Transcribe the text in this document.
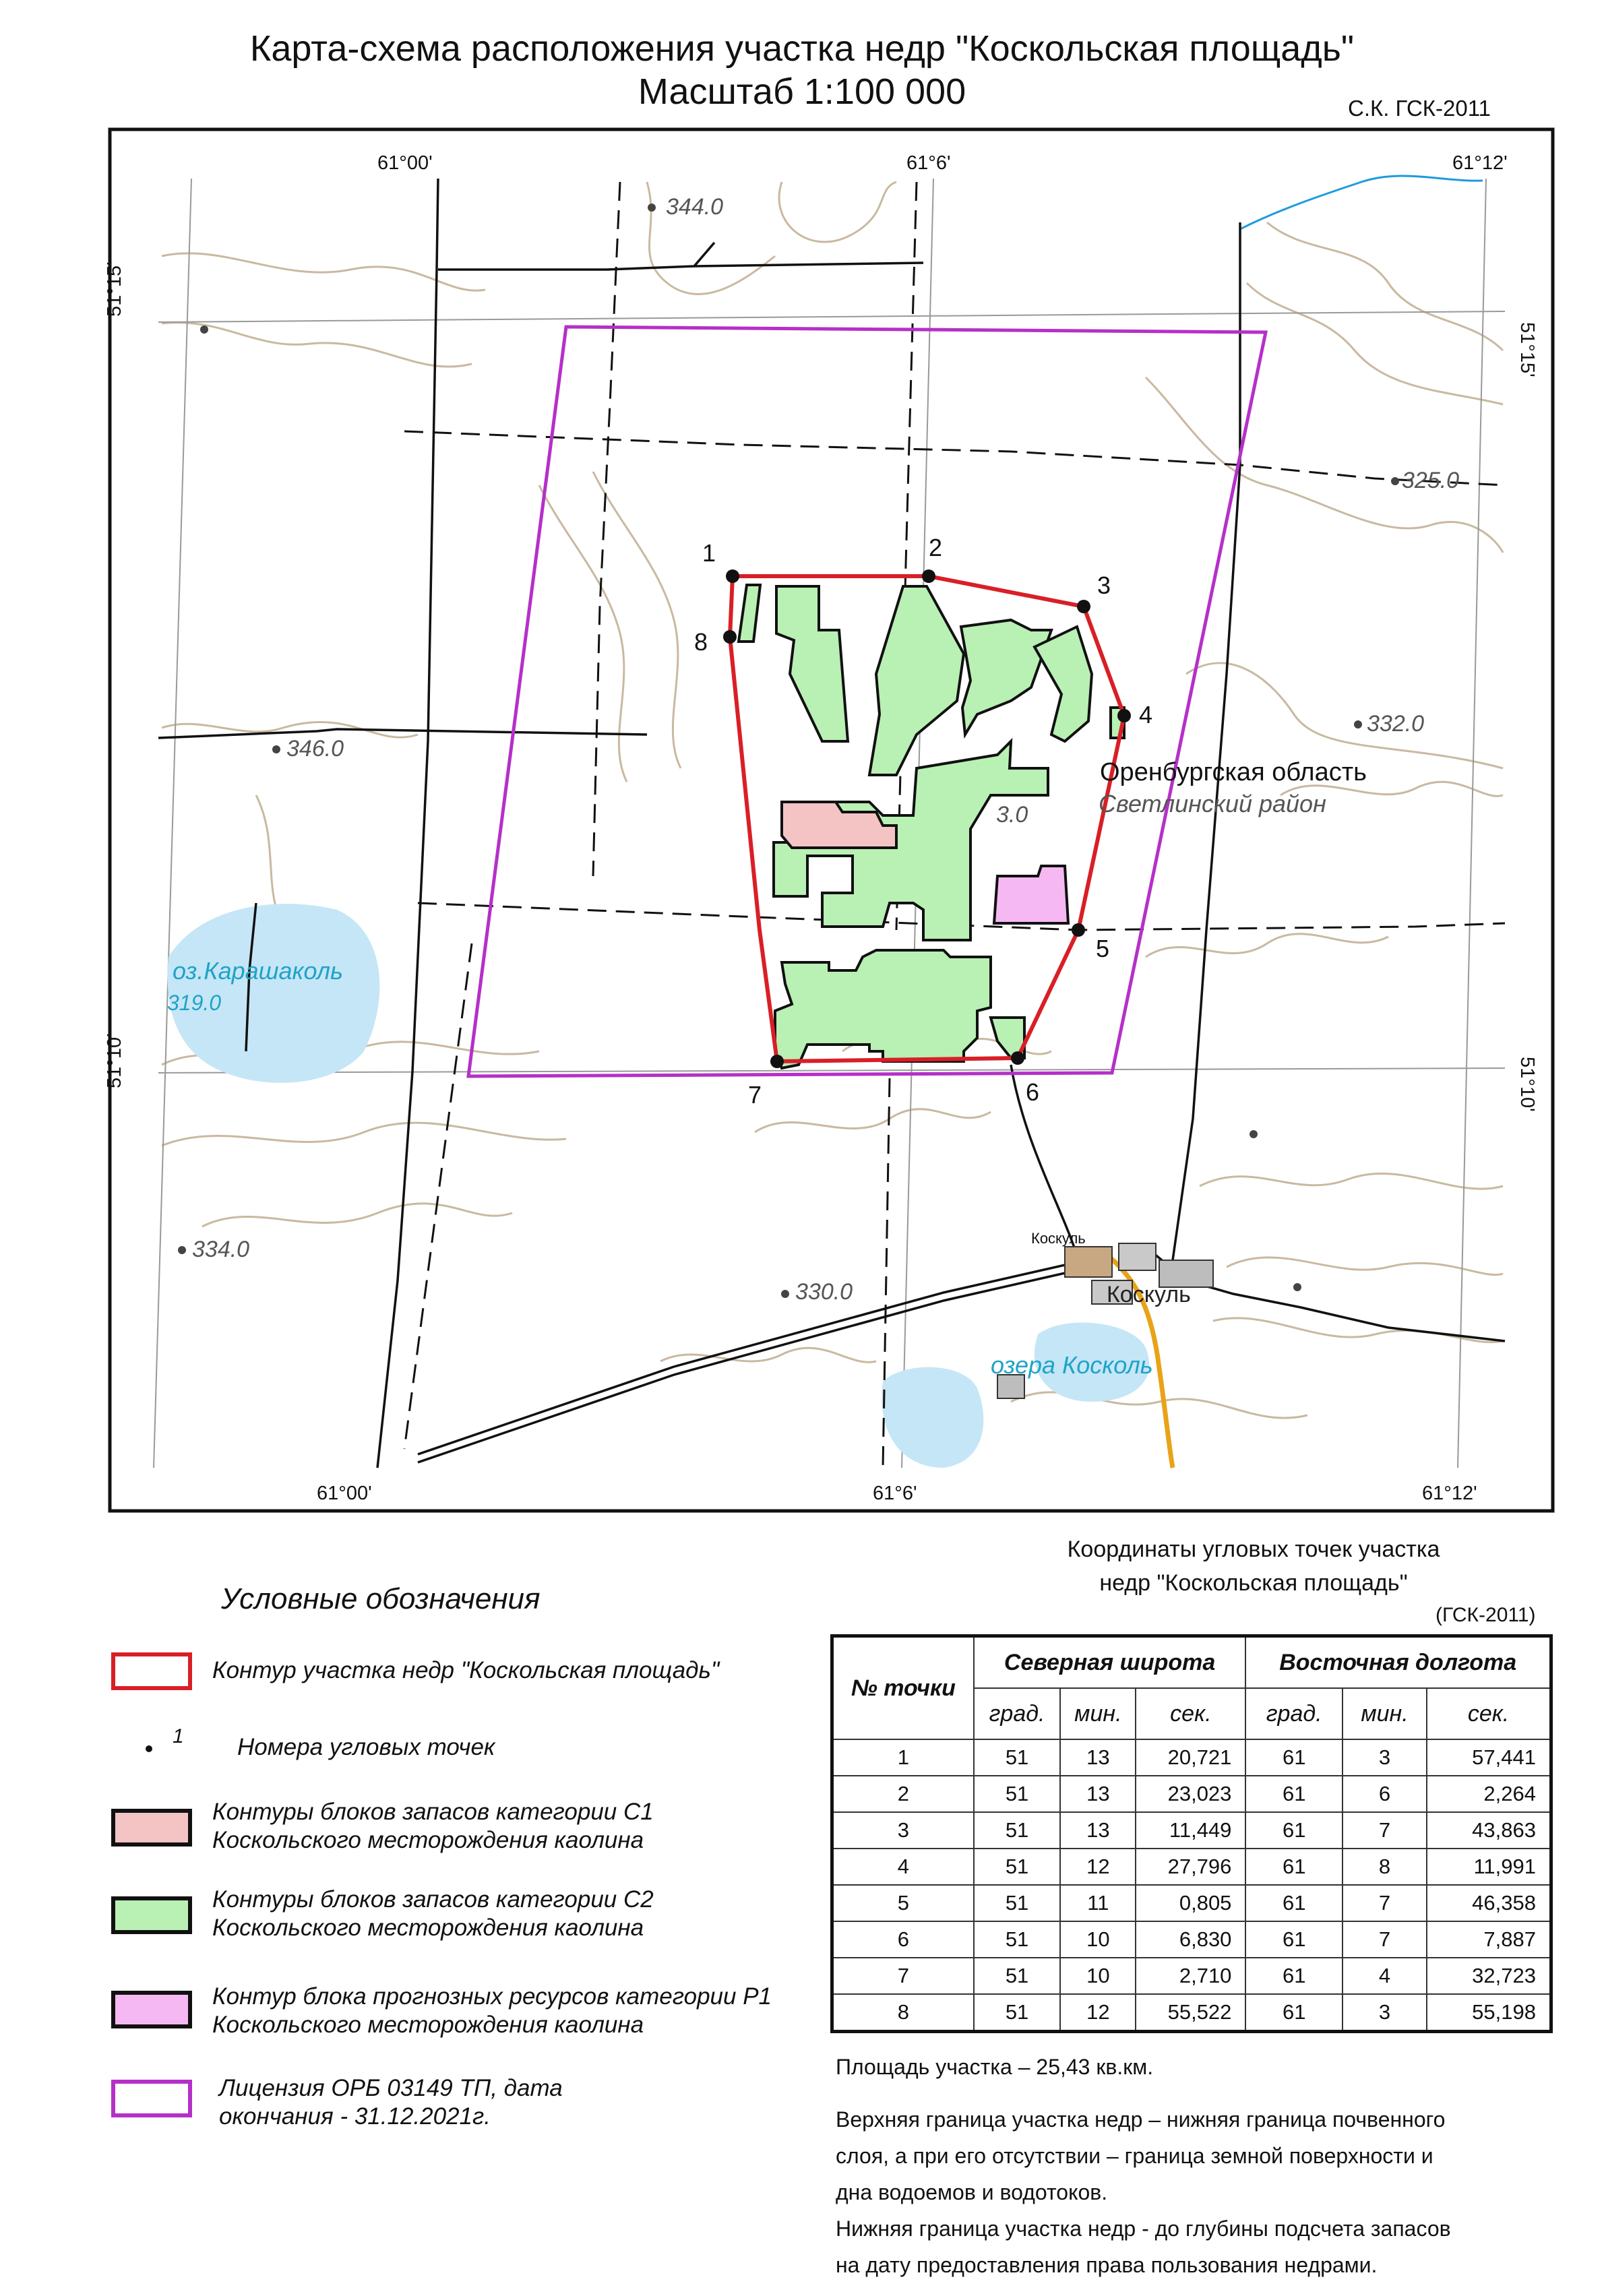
Карта-схема расположения участка недр "Коскольская площадь"
Масштаб 1:100 000	С.К. ГСК-2011
61°00'	61°6'	61°12'
61°00'	61°6'	61°12'
51°15'
51°10'
51°15'
51°10'
344.0
325.0
332.0
346.0
319.0
334.0
330.0
3.0
Оренбургская область
Светлинский район
оз.Карашаколь
озера Косколь
Коскуль
Коскуль
1	2
3
4
5
6
7
8
Условные обозначения
Контур участка недр "Коскольская площадь"
1 Номера угловых точек
Контуры блоков запасов категории С1
Коскольского месторождения каолина
Контуры блоков запасов категории С2
Коскольского месторождения каолина
Контур блока прогнозных ресурсов категории Р1
Коскольского месторождения каолина
Лицензия ОРБ 03149 ТП, дата
окончания - 31.12.2021г.
Координаты угловых точек участка
недр "Коскольская площадь"
(ГСК-2011)
№ точки	Северная широта			Восточная долгота		
	град.	мин.	сек.	град.	мин.	сек.
1	51	13	20,721	61	3	57,441
2	51	13	23,023	61	6	2,264
3	51	13	11,449	61	7	43,863
4	51	12	27,796	61	8	11,991
5	51	11	0,805	61	7	46,358
6	51	10	6,830	61	7	7,887
7	51	10	2,710	61	4	32,723
8	51	12	55,522	61	3	55,198
Площадь участка – 25,43 кв.км.
Верхняя граница участка недр – нижняя граница почвенного
слоя, а при его отсутствии – граница земной поверхности и
дна водоемов и водотоков.
Нижняя граница участка недр - до глубины подсчета запасов
на дату предоставления права пользования недрами.
